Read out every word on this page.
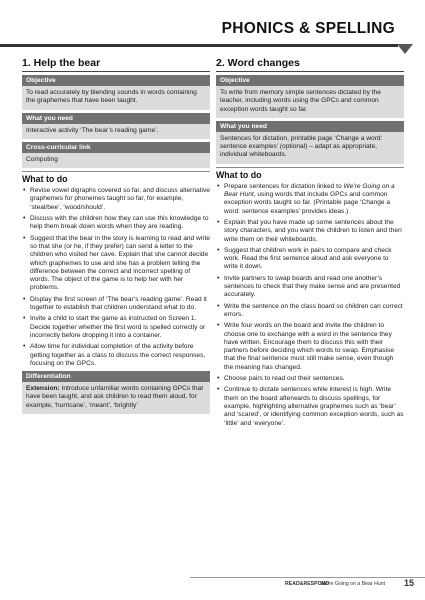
PHONICS & SPELLING
1. Help the bear
Objective
To read accurately by blending sounds in words containing the graphemes that have been taught.
What you need
Interactive activity ‘The bear’s reading game’.
Cross-curricular link
Computing
What to do
• Revise vowel digraphs covered so far, and discuss alternative graphemes for phonemes taught so far, for example, ‘steal/bee’, ‘wood/should’.
• Discuss with the children how they can use this knowledge to help them break down words when they are reading.
• Suggest that the bear in the story is learning to read and write so that she (or he, if they prefer) can send a letter to the children who visited her cave. Explain that she cannot decide which graphemes to use and she has a problem telling the difference between the correct and incorrect spelling of words. The object of the game is to help her with her problems.
• Display the first screen of ‘The bear’s reading game’. Read it together to establish that children understand what to do.
• Invite a child to start the game as instructed on Screen 1. Decide together whether the first word is spelled correctly or incorrectly before dropping it into a container.
• Allow time for individual completion of the activity before getting together as a class to discuss the correct responses, focusing on the GPCs.
Differentiation
Extension: Introduce unfamiliar words containing GPCs that have been taught, and ask children to read them aloud, for example, ‘hurricane’, ‘meant’, ‘brightly’
2. Word changes
Objective
To write from memory simple sentences dictated by the teacher, including words using the GPCs and common exception words taught so far.
What you need
Sentences for dictation, printable page ‘Change a word: sentence examples’ (optional) – adapt as appropriate, individual whiteboards.
What to do
• Prepare sentences for dictation linked to We’re Going on a Bear Hunt, using words that include GPCs and common exception words taught so far. (Printable page ‘Change a word: sentence examples’ provides ideas.)
• Explain that you have made up some sentences about the story characters, and you want the children to listen and then write them on their whiteboards.
• Suggest that children work in pairs to compare and check work. Read the first sentence aloud and ask everyone to write it down.
• Invite partners to swap boards and read one another’s sentences to check that they make sense and are presented accurately.
• Write the sentence on the class board so children can correct errors.
• Write four words on the board and invite the children to choose one to exchange with a word in the sentence they have written. Encourage them to discuss this with their partners before deciding which words to swap. Emphasise that the final sentence must still make sense, even though the meaning has changed.
• Choose pairs to read out their sentences.
• Continue to dictate sentences while interest is high. Write them on the board afterwards to discuss spellings, for example, highlighting alternative graphemes such as ‘bear’ and ‘scared’, or identifying common exception words, such as ‘little’ and ‘everyone’.
READ&RESPOND
We’re Going on a Bear Hunt 15
